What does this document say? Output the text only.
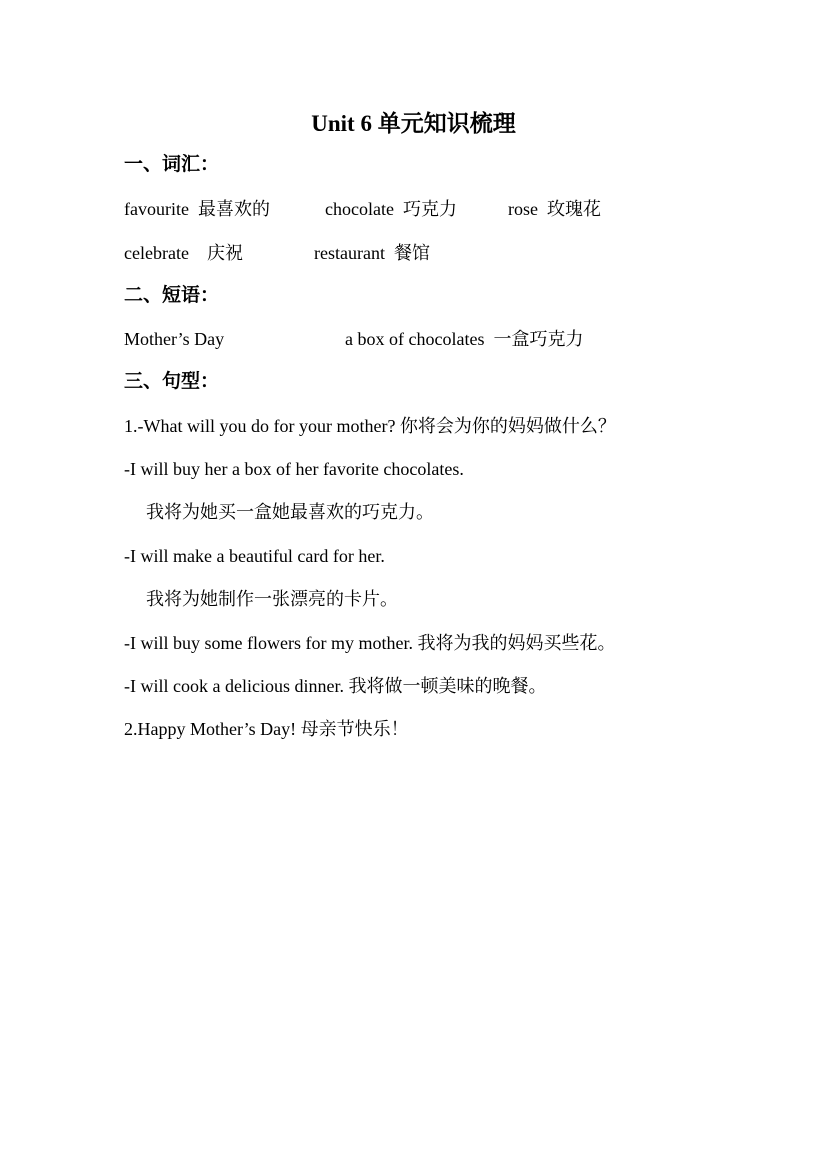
Unit 6 单元知识梳理
一、词汇：
favourite 最喜欢的	chocolate 巧克力	rose 玫瑰花
celebrate 庆祝	restaurant 餐馆
二、短语：
Mother’s Day	a box of chocolates 一盒巧克力
三、句型：
1.-What will you do for your mother? 你将会为你的妈妈做什么？
-I will buy her a box of her favorite chocolates.
我将为她买一盒她最喜欢的巧克力。
-I will make a beautiful card for her.
我将为她制作一张漂亮的卡片。
-I will buy some flowers for my mother. 我将为我的妈妈买些花。
-I will cook a delicious dinner. 我将做一顿美味的晚餐。
2.Happy Mother’s Day! 母亲节快乐！
